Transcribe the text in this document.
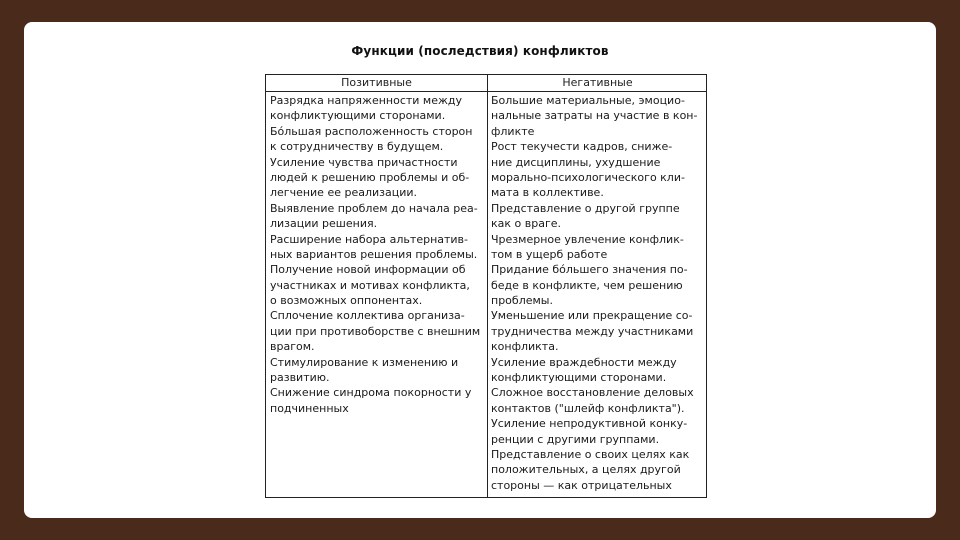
Функции (последствия) конфликтов
Позитивные	Негативные
Разрядка напряженности между
конфликтующими сторонами.
Бóльшая расположенность сторон
к сотрудничеству в будущем.
Усиление чувства причастности
людей к решению проблемы и об-
легчение ее реализации.
Выявление проблем до начала реа-
лизации решения.
Расширение набора альтернатив-
ных вариантов решения проблемы.
Получение новой информации об
участниках и мотивах конфликта,
о возможных оппонентах.
Сплочение коллектива организа-
ции при противоборстве с внешним
врагом.
Стимулирование к изменению и
развитию.
Снижение синдрома покорности у
подчиненных
Большие материальные, эмоцио-
нальные затраты на участие в кон-
фликте
Рост текучести кадров, сниже-
ние дисциплины, ухудшение
морально-психологического кли-
мата в коллективе.
Представление о другой группе
как о враге.
Чрезмерное увлечение конфлик-
том в ущерб работе
Придание бóльшего значения по-
беде в конфликте, чем решению
проблемы.
Уменьшение или прекращение со-
трудничества между участниками
конфликта.
Усиление враждебности между
конфликтующими сторонами.
Сложное восстановление деловых
контактов ("шлейф конфликта").
Усиление непродуктивной конку-
ренции с другими группами.
Представление о своих целях как
положительных, а целях другой
стороны — как отрицательных
